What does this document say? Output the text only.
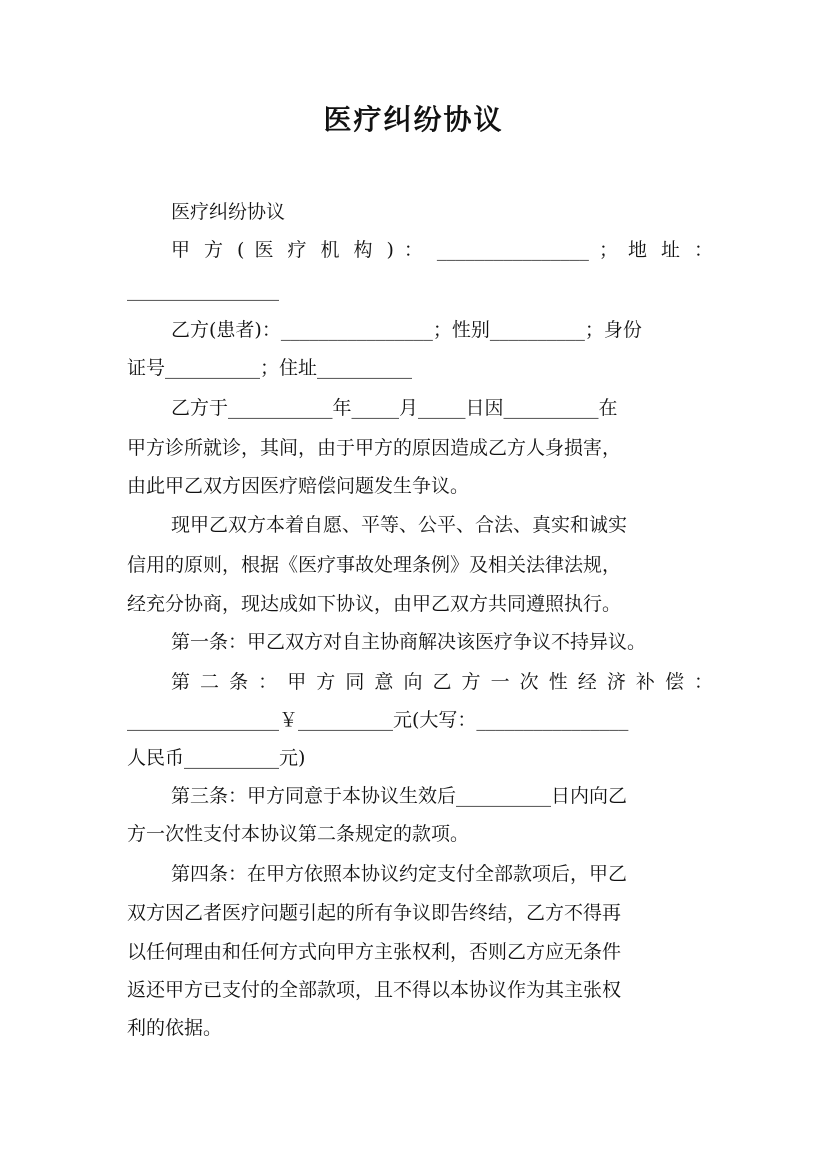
医疗纠纷协议
医疗纠纷协议
甲 方 ( 医 疗 机 构 ) ： ________________ ； 地 址 ：
________________
乙方(患者)：________________；性别__________；身份
证号__________；住址__________
乙方于___________年_____月_____日因__________在
甲方诊所就诊，其间，由于甲方的原因造成乙方人身损害，
由此甲乙双方因医疗赔偿问题发生争议。
现甲乙双方本着自愿、平等、公平、合法、真实和诚实
信用的原则，根据《医疗事故处理条例》及相关法律法规，
经充分协商，现达成如下协议，由甲乙双方共同遵照执行。
第一条：甲乙双方对自主协商解决该医疗争议不持异议。
第 二 条 ： 甲 方 同 意 向 乙 方 一 次 性 经 济 补 偿 ：
________________￥__________元(大写：________________
人民币__________元)
第三条：甲方同意于本协议生效后__________日内向乙
方一次性支付本协议第二条规定的款项。
第四条：在甲方依照本协议约定支付全部款项后，甲乙
双方因乙者医疗问题引起的所有争议即告终结，乙方不得再
以任何理由和任何方式向甲方主张权利，否则乙方应无条件
返还甲方已支付的全部款项，且不得以本协议作为其主张权
利的依据。
